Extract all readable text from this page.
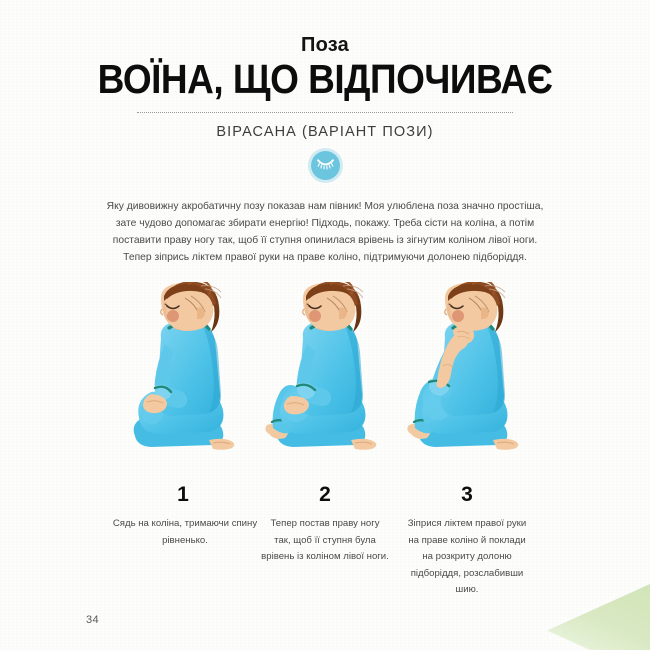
Поза
ВОЇНА, ЩО ВІДПОЧИВАЄ
ВІРАСАНА (ВАРІАНТ ПОЗИ)
Яку дивовижну акробатичну позу показав нам півник! Моя улюблена поза значно простіша, зате чудово допомагає збирати енергію! Підходь, покажу. Треба сісти на коліна, а потім поставити праву ногу так, щоб її ступня опинилася врівень із зігнутим коліном лівої ноги. Тепер зіпрись ліктем правої руки на праве коліно, підтримуючи долонею підборіддя.
1
Сядь на коліна, тримаючи спину рівненько.
2
Тепер постав праву ногу так, щоб її ступня була врівень із коліном лівої ноги.
3
Зіприся ліктем правої руки на праве коліно й поклади на розкриту долоню підборіддя, розслабивши шию.
34
